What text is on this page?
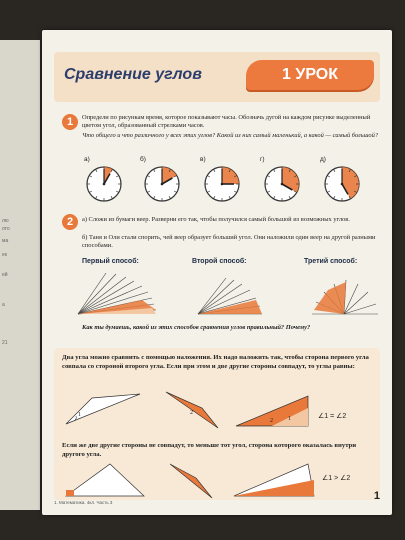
лю
ото
ма
ек
ей
а
21
Сравнение углов	1 УРОК
1	Определи по рисункам время, которое показывают часы. Обозначь дугой на каждом рисунке выделенный цветом угол, образованный стрелками часов.
Что общего и что различного у всех этих углов? Какой из них самый маленький, а какой — самый большой?
а)	б)	в)	г)	д)
2	а) Сложи из бумаги веер. Разверни его так, чтобы получился самый большой из возможных углов.
б) Таня и Оли стали спорить, чей веер образует больший угол. Они наложили один веер на другой разными способами.
Первый способ:	Второй способ:	Третий способ:
Как ты думаешь, какой из этих способов сравнения углов правильный? Почему?
Два угла можно сравнить с помощью наложения. Их надо наложить так, чтобы сторона первого угла совпала со стороной второго угла. Если при этом и две другие стороны совпадут, то углы равны:
1	2
1
2
∠1 = ∠2
Если же две другие стороны не совпадут, то меньше тот угол, сторона которого оказалась внутри другого угла.
∠1 > ∠2
1. Математика. 4кл. Часть 3
1
